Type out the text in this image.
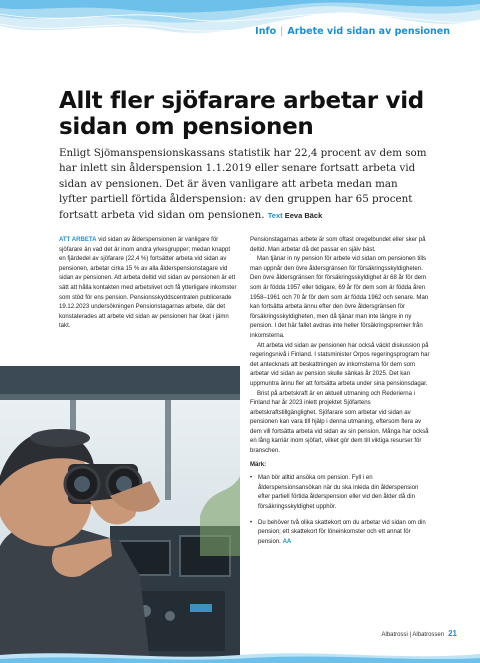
Info | Arbete vid sidan av pensionen
Allt fler sjöfarare arbetar vid sidan om pensionen

Enligt Sjömanspensionskassans statistik har 22,4 procent av dem som har inlett sin ålderspension 1.1.2019 eller senare fortsatt arbeta vid sidan av pensionen. Det är även vanligare att arbeta medan man lyfter partiell förtida ålderspension: av den gruppen har 65 procent fortsatt arbeta vid sidan om pensionen. Text Eeva Bäck

ATT ARBETA vid sidan av ålderspensionen är vanligare för sjöfarare än vad det är inom andra yrkesgrupper; medan knappt en fjärdedel av sjöfarare (22,4 %) fortsätter arbeta vid sidan av pensionen, arbetar cirka 15 % av alla ålderspensionstagare vid sidan av pensionen. Att arbeta deltid vid sidan av pensionen är ett sätt att hålla kontakten med arbetslivet och få ytterligare inkomster som stöd för ens pension. Pensionsskyddscentralen publicerade 19.12.2023 undersökningen Pensionstagarnas arbete, där det konstaterades att arbete vid sidan av pensionen har ökat i jämn takt.

Pensionstagarnas arbete är som oftast oregelbundet eller sker på deltid. Man arbetar då det passar en själv bäst.

Man tjänar in ny pension för arbete vid sidan om pensionen tills man uppnår den övre åldersgränsen för försäkringsskyldigheten. Den övre åldersgränsen för försäkringsskyldighet är 68 år för dem som är födda 1957 eller tidigare, 69 år för dem som är födda åren 1958–1961 och 70 år för dem som är födda 1962 och senare. Man kan fortsätta arbeta ännu efter den övre åldersgränsen för försäkringsskyldigheten, men då tjänar man inte längre in ny pension. I det här fallet avdras inte heller försäkringspremier från inkomsterna.

Att arbeta vid sidan av pensionen har också väckt diskussion på regeringsnivå i Finland. I statsminister Orpos regeringsprogram har det antecknats att beskattningen av inkomsterna för dem som arbetar vid sidan av pension skulle sänkas år 2025. Det kan uppmuntra ännu fler att fortsätta arbeta under sina pensionsdagar.

Brist på arbetskraft är en aktuell utmaning och Rederierna i Finland har år 2023 inlett projektet Sjöfartens arbetskraftstillgänglighet. Sjöfarare som arbetar vid sidan av pensionen kan vara till hjälp i denna utmaning, eftersom flera av dem vill fortsätta arbeta vid sidan av sin pension. Många har också en lång karriär inom sjöfart, vilket gör dem till viktiga resurser för branschen.

Märk:

• Man bör alltid ansöka om pension. Fyll i en ålderspensionsansökan när du ska inleda din ålderspension efter partiell förtida ålderspension eller vid den ålder då din försäkringsskyldighet upphör.
• Du behöver två olika skattekort om du arbetar vid sidan om din pension; ett skattekort för löneinkomster och ett annat för pension. AA
Albatrossi | Albatrossen 21
